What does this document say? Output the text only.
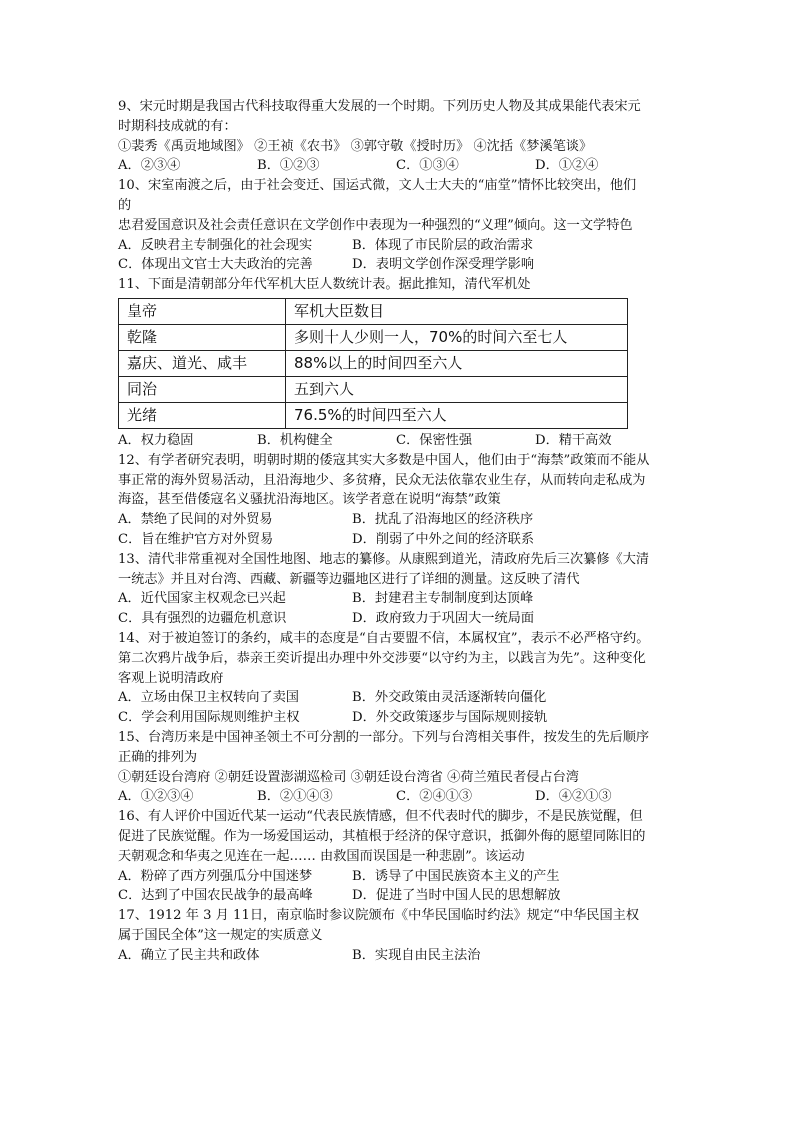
9、宋元时期是我国古代科技取得重大发展的一个时期。下列历史人物及其成果能代表宋元
时期科技成就的有：
①裴秀《禹贡地域图》 ②王祯《农书》 ③郭守敬《授时历》 ④沈括《梦溪笔谈》
A．②③④	B．①②③	C．①③④	D．①②④
10、宋室南渡之后，由于社会变迁、国运式微，文人士大夫的“庙堂”情怀比较突出，他们
的
忠君爱国意识及社会责任意识在文学创作中表现为一种强烈的“义理”倾向。这一文学特色
A．反映君主专制强化的社会现实	B．体现了市民阶层的政治需求
C．体现出文官士大夫政治的完善	D．表明文学创作深受理学影响
11、下面是清朝部分年代军机大臣人数统计表。据此推知，清代军机处
皇帝	军机大臣数目
乾隆	多则十人少则一人，70%的时间六至七人
嘉庆、道光、咸丰	88%以上的时间四至六人
同治	五到六人
光绪	76.5%的时间四至六人
A．权力稳固	B．机构健全	C．保密性强	D．精干高效
12、有学者研究表明，明朝时期的倭寇其实大多数是中国人，他们由于“海禁”政策而不能从
事正常的海外贸易活动，且沿海地少、多贫瘠，民众无法依靠农业生存，从而转向走私成为
海盗，甚至借倭寇名义骚扰沿海地区。该学者意在说明“海禁”政策
A．禁绝了民间的对外贸易	B．扰乱了沿海地区的经济秩序
C．旨在维护官方对外贸易	D．削弱了中外之间的经济联系
13、清代非常重视对全国性地图、地志的纂修。从康熙到道光，清政府先后三次纂修《大清
一统志》并且对台湾、西藏、新疆等边疆地区进行了详细的测量。这反映了清代
A．近代国家主权观念已兴起	B．封建君主专制制度到达顶峰
C．具有强烈的边疆危机意识	D．政府致力于巩固大一统局面
14、对于被迫签订的条约，咸丰的态度是“自古要盟不信，本属权宜”，表示不必严格守约。
第二次鸦片战争后，恭亲王奕䜣提出办理中外交涉要“以守约为主，以践言为先”。这种变化
客观上说明清政府
A．立场由保卫主权转向了卖国	B．外交政策由灵活逐渐转向僵化
C．学会利用国际规则维护主权	D．外交政策逐步与国际规则接轨
15、台湾历来是中国神圣领土不可分割的一部分。下列与台湾相关事件，按发生的先后顺序
正确的排列为
①朝廷设台湾府 ②朝廷设置澎湖巡检司 ③朝廷设台湾省 ④荷兰殖民者侵占台湾
A．①②③④	B．②①④③	C．②④①③	D．④②①③
16、有人评价中国近代某一运动“代表民族情感，但不代表时代的脚步，不是民族觉醒，但
促进了民族觉醒。作为一场爱国运动，其植根于经济的保守意识，抵御外侮的愿望同陈旧的
天朝观念和华夷之见连在一起…… 由救国而误国是一种悲剧”。该运动
A．粉碎了西方列强瓜分中国迷梦	B．诱导了中国民族资本主义的产生
C．达到了中国农民战争的最高峰	D．促进了当时中国人民的思想解放
17、1912 年 3 月 11日，南京临时参议院颁布《中华民国临时约法》规定“中华民国主权
属于国民全体”这一规定的实质意义
A．确立了民主共和政体	B．实现自由民主法治
